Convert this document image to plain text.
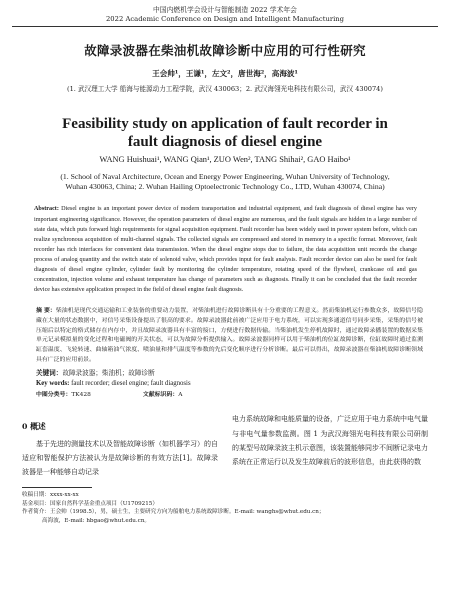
中国内燃机学会设计与智能制造 2022 学术年会
2022 Academic Conference on Design and Intelligent Manufacturing
故障录波器在柴油机故障诊断中应用的可行性研究
王会帅¹，王谦¹，左文²，唐世海²，高海波¹
(1. 武汉理工大学 船海与能源动力工程学院，武汉 430063；2. 武汉海翎光电科技有限公司，武汉 430074)
Feasibility study on application of fault recorder in
fault diagnosis of diesel engine
WANG Huishuai¹, WANG Qian¹, ZUO Wen², TANG Shihai², GAO Haibo¹
(1. School of Naval Architecture, Ocean and Energy Power Engineering, Wuhan University of Technology, Wuhan 430063, China; 2. Wuhan Hailing Optoelectronic Technology Co., LTD, Wuhan 430074, China)
Abstract: Diesel engine is an important power device of modern transportation and industrial equipment, and fault diagnosis of diesel engine has very important engineering significance. However, the operation parameters of diesel engine are numerous, and the fault signals are hidden in a large number of state data, which puts forward high requirements for signal acquisition equipment. Fault recorder has been widely used in power system before, which can realize synchronous acquisition of multi-channel signals. The collected signals are compressed and stored in memory in a specific format. Moreover, fault recorder has rich interfaces for convenient data transmission. When the diesel engine stops due to failure, the data acquisition unit records the change process of analog quantity and the switch state of solenoid valve, which provides input for fault analysis. Fault recorder device can also be used for fault diagnosis of diesel engine cylinder, cylinder fault by monitoring the cylinder temperature, rotating speed of the flywheel, crankcase oil and gas concentration, injection volume and exhaust temperature has change of parameters such as diagnosis. Finally it can be concluded that the fault recorder device has extensive application prospect in the field of diesel engine fault diagnosis.
摘 要：柴油机是现代交通运输和工业装备的重要动力装置，对柴油机进行故障诊断具有十分重要的工程意义。然而柴油机运行参数众多，故障信号隐藏在大量的状态数据中，对信号采集设备提出了很高的要求。故障录波器此前被广泛应用于电力系统，可以实现多通道信号同步采集，采集的信号被压缩后以特定的格式储存在内存中，并且故障录波器具有丰富的接口，方便进行数据传输。当柴油机发生停机故障时，通过故障录播装置的数据采集单元记录模拟量的变化过程和电磁阀的开关状态，可以为故障分析提供输入。故障录波器同样可以用于柴油机的位缸故障诊断，位缸故障时通过监测缸套温度、飞轮转速、曲轴箱油气浓度、喷油量和排气温度等参数的先后变化顺序进行分析诊断。最后可以得出，故障录波器在柴油机故障诊断领域具有广泛的应用前景。
关键词：故障录波器；柴油机；故障诊断
Key words: fault recorder; diesel engine; fault diagnosis
中图分类号：TK428	文献标识码：A
0 概述
基于先进的测量技术以及智能故障诊断（如机器学习）的自适应和智能保护方法被认为是故障诊断的有效方法[1]。故障录波器是一种能够自动记录
电力系统故障和电能质量的设备，广泛应用于电力系统中电气量与非电气量参数监测。图 1 为武汉海翎光电科技有限公司研制的某型号故障录波主机示意图，该装置能够同步不间断记录电力系统在正常运行以及发生故障前后的波形信息，由此获得的数
收稿日期：xxxx-xx-xx
基金项目：国家自然科学基金重点项目（U1709215）
作者简介：王会帅（1998.5），男，硕士生，主要研究方向为船舶电力系统故障诊断。E-mail: wanghs@whut.edu.cn；
高海波，E-mail: hbgao@whut.edu.cn。
